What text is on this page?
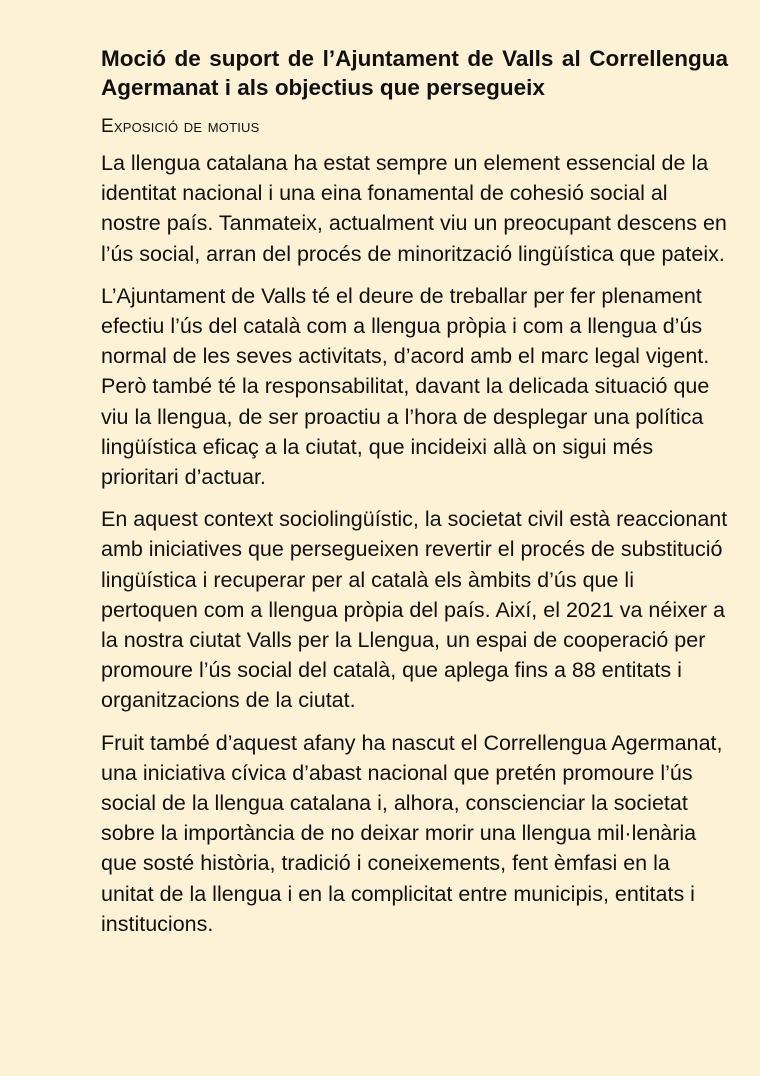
Moció de suport de l’Ajuntament de Valls al Correllengua Agermanat i als objectius que persegueix
Exposició de motius

La llengua catalana ha estat sempre un element essencial de la identitat nacional i una eina fonamental de cohesió social al nostre país. Tanmateix, actualment viu un preocupant descens en l’ús social, arran del procés de minorització lingüística que pateix.

L’Ajuntament de Valls té el deure de treballar per fer plenament efectiu l’ús del català com a llengua pròpia i com a llengua d’ús normal de les seves activitats, d’acord amb el marc legal vigent. Però també té la responsabilitat, davant la delicada situació que viu la llengua, de ser proactiu a l’hora de desplegar una política lingüística eficaç a la ciutat, que incideixi allà on sigui més prioritari d’actuar.

En aquest context sociolingüístic, la societat civil està reaccionant amb iniciatives que persegueixen revertir el procés de substitució lingüística i recuperar per al català els àmbits d’ús que li pertoquen com a llengua pròpia del país. Així, el 2021 va néixer a la nostra ciutat Valls per la Llengua, un espai de cooperació per promoure l’ús social del català, que aplega fins a 88 entitats i organitzacions de la ciutat.

Fruit també d’aquest afany ha nascut el Correllengua Agermanat, una iniciativa cívica d’abast nacional que pretén promoure l’ús social de la llengua catalana i, alhora, conscienciar la societat sobre la importància de no deixar morir una llengua mil·lenària que sosté història, tradició i coneixements, fent èmfasi en la unitat de la llengua i en la complicitat entre municipis, entitats i institucions.
